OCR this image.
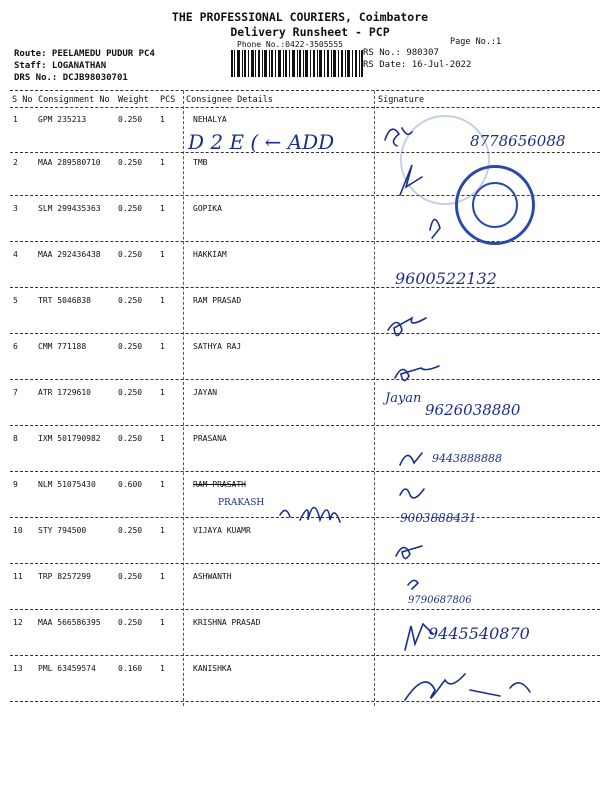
THE PROFESSIONAL COURIERS, Coimbatore
Delivery Runsheet - PCP
Phone No.:0422-3505555	Page No.:1
Route: PEELAMEDU PUDUR PC4
Staff: LOGANATHAN
DRS No.: DCJB98030701
RS No.: 980307
RS Date: 16-Jul-2022
S No Consignment No Weight PCS Consignee Details	Signature
1	GPM 235213	0.250 1	NEHALYA
2	MAA 289580710 0.250 1	TMB
3	SLM 299435363 0.250 1	GOPIKA
4	MAA 292436438 0.250 1	HAKKIAM
5	TRT 5046838	0.250 1	RAM PRASAD
6	CMM 771188	0.250 1	SATHYA RAJ
7	ATR 1729610	0.250 1	JAYAN
8	IXM 501790982 0.250 1	PRASANA
9	NLM 51075430	0.600 1	RAM PRASATH
10 STY 794500	0.250 1	VIJAYA KUAMR
11 TRP 8257299	0.250 1	ASHWANTH
12 MAA 566586395 0.250 1	KRISHNA PRASAD
13 PML 63459574	0.160 1	KANISHKA
D 2 E ( ← ADD	8778656088
9600522132
Jayan
9626038880
9443888888
PRAKASH
9003888431
9790687806
9445540870
